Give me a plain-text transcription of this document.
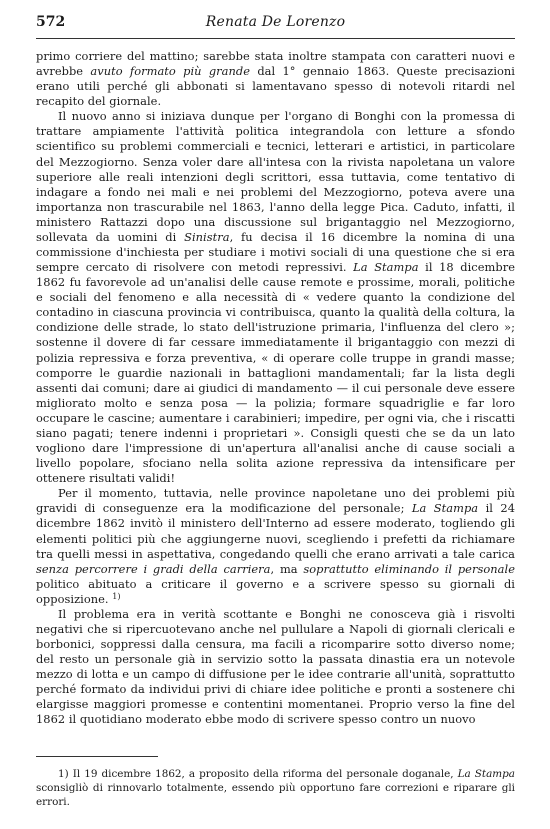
572	Renata De Lorenzo

primo corriere del mattino; sarebbe stata inoltre stampata con caratteri nuovi e avrebbe avuto formato più grande dal 1° gennaio 1863. Queste precisazioni erano utili perché gli abbonati si lamentavano spesso di notevoli ritardi nel recapito del giornale.

Il nuovo anno si iniziava dunque per l'organo di Bonghi con la promessa di trattare ampiamente l'attività politica integrandola con letture a sfondo scientifico su problemi commerciali e tecnici, letterari e artistici, in particolare del Mezzogiorno. Senza voler dare all'intesa con la rivista napoletana un valore superiore alle reali intenzioni degli scrittori, essa tuttavia, come tentativo di indagare a fondo nei mali e nei problemi del Mezzogiorno, poteva avere una importanza non trascurabile nel 1863, l'anno della legge Pica. Caduto, infatti, il ministero Rattazzi dopo una discussione sul brigantaggio nel Mezzogiorno, sollevata da uomini di Sinistra, fu decisa il 16 dicembre la nomina di una commissione d'inchiesta per studiare i motivi sociali di una questione che si era sempre cercato di risolvere con metodi repressivi. La Stampa il 18 dicembre 1862 fu favorevole ad un'analisi delle cause remote e prossime, morali, politiche e sociali del fenomeno e alla necessità di « vedere quanto la condizione del contadino in ciascuna provincia vi contribuisca, quanto la qualità della coltura, la condizione delle strade, lo stato dell'istruzione primaria, l'influenza del clero »; sostenne il dovere di far cessare immediatamente il brigantaggio con mezzi di polizia repressiva e forza preventiva, « di operare colle truppe in grandi masse; comporre le guardie nazionali in battaglioni mandamentali; far la lista degli assenti dai comuni; dare ai giudici di mandamento — il cui personale deve essere migliorato molto e senza posa — la polizia; formare squadriglie e far loro occupare le cascine; aumentare i carabinieri; impedire, per ogni via, che i riscatti siano pagati; tenere indenni i proprietari ». Consigli questi che se da un lato vogliono dare l'impressione di un'apertura all'analisi anche di cause sociali a livello popolare, sfociano nella solita azione repressiva da intensificare per ottenere risultati validi!

Per il momento, tuttavia, nelle province napoletane uno dei problemi più gravidi di conseguenze era la modificazione del personale; La Stampa il 24 dicembre 1862 invitò il ministero dell'Interno ad essere moderato, togliendo gli elementi politici più che aggiungerne nuovi, scegliendo i prefetti da richiamare tra quelli messi in aspettativa, congedando quelli che erano arrivati a tale carica senza percorrere i gradi della carriera, ma soprattutto eliminando il personale politico abituato a criticare il governo e a scrivere spesso su giornali di opposizione. $^{1)}$

Il problema era in verità scottante e Bonghi ne conosceva già i risvolti negativi che si ripercuotevano anche nel pullulare a Napoli di giornali clericali e borbonici, soppressi dalla censura, ma facili a ricomparire sotto diverso nome; del resto un personale già in servizio sotto la passata dinastia era un notevole mezzo di lotta e un campo di diffusione per le idee contrarie all'unità, soprattutto perché formato da individui privi di chiare idee politiche e pronti a sostenere chi elargisse maggiori promesse e contentini momentanei. Proprio verso la fine del 1862 il quotidiano moderato ebbe modo di scrivere spesso contro un nuovo

1) Il 19 dicembre 1862, a proposito della riforma del personale doganale, La Stampa sconsigliò di rinnovarlo totalmente, essendo più opportuno fare correzioni e riparare gli errori.
